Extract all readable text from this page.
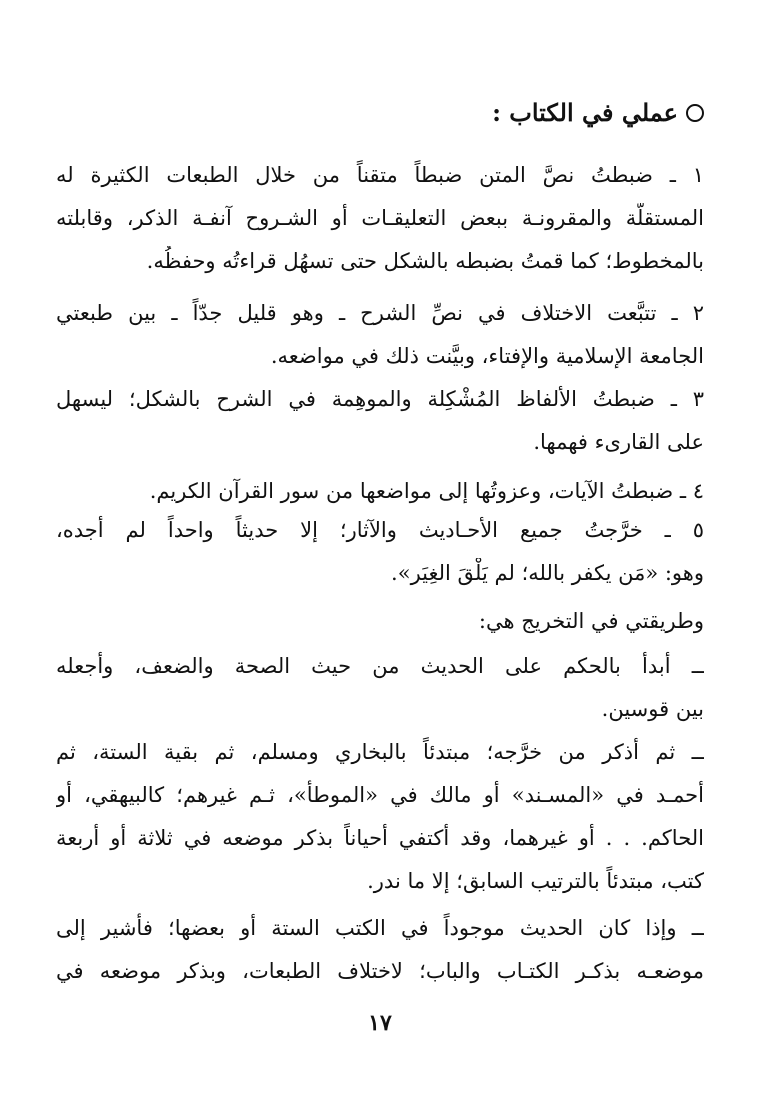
عملي في الكتاب :
١ ـ ضبطتُ نصَّ المتن ضبطاً متقناً من خلال الطبعات الكثيرة له
المستقلَّة والمقرونـة ببعض التعليقـات أو الشـروح آنفـة الذكر، وقابلته
بالمخطوط؛ كما قمتُ بضبطه بالشكل حتى تسهُل قراءتُه وحفظُه.
٢ ـ تتبَّعت الاختلاف في نصِّ الشرح ـ وهو قليل جدّاً ـ بين طبعتي
الجامعة الإسلامية والإفتاء، وبيَّنت ذلك في مواضعه.
٣ ـ ضبطتُ الألفاظ المُشْكِلة والموهِمة في الشرح بالشكل؛ ليسهل
على القارىء فهمها.
٤ ـ ضبطتُ الآيات، وعزوتُها إلى مواضعها من سور القرآن الكريم.
٥ ـ خرَّجتُ جميع الأحـاديث والآثار؛ إلا حديثاً واحداً لم أجده،
وهو: «مَن يكفر بالله؛ لم يَلْقَ الغِيَر».
وطريقتي في التخريج هي:
ــ أبدأ بالحكم على الحديث من حيث الصحة والضعف، وأجعله
بين قوسين.
ــ ثم أذكر من خرَّجه؛ مبتدئاً بالبخاري ومسلم، ثم بقية الستة، ثم
أحمـد في «المسـند» أو مالك في «الموطأ»، ثـم غيرهم؛ كالبيهقي، أو
الحاكم. . . أو غيرهما، وقد أكتفي أحياناً بذكر موضعه في ثلاثة أو أربعة
كتب، مبتدئاً بالترتيب السابق؛ إلا ما ندر.
ــ وإذا كان الحديث موجوداً في الكتب الستة أو بعضها؛ فأشير إلى
موضعـه بذكـر الكتـاب والباب؛ لاختلاف الطبعات، وبذكر موضعه في
١٧
